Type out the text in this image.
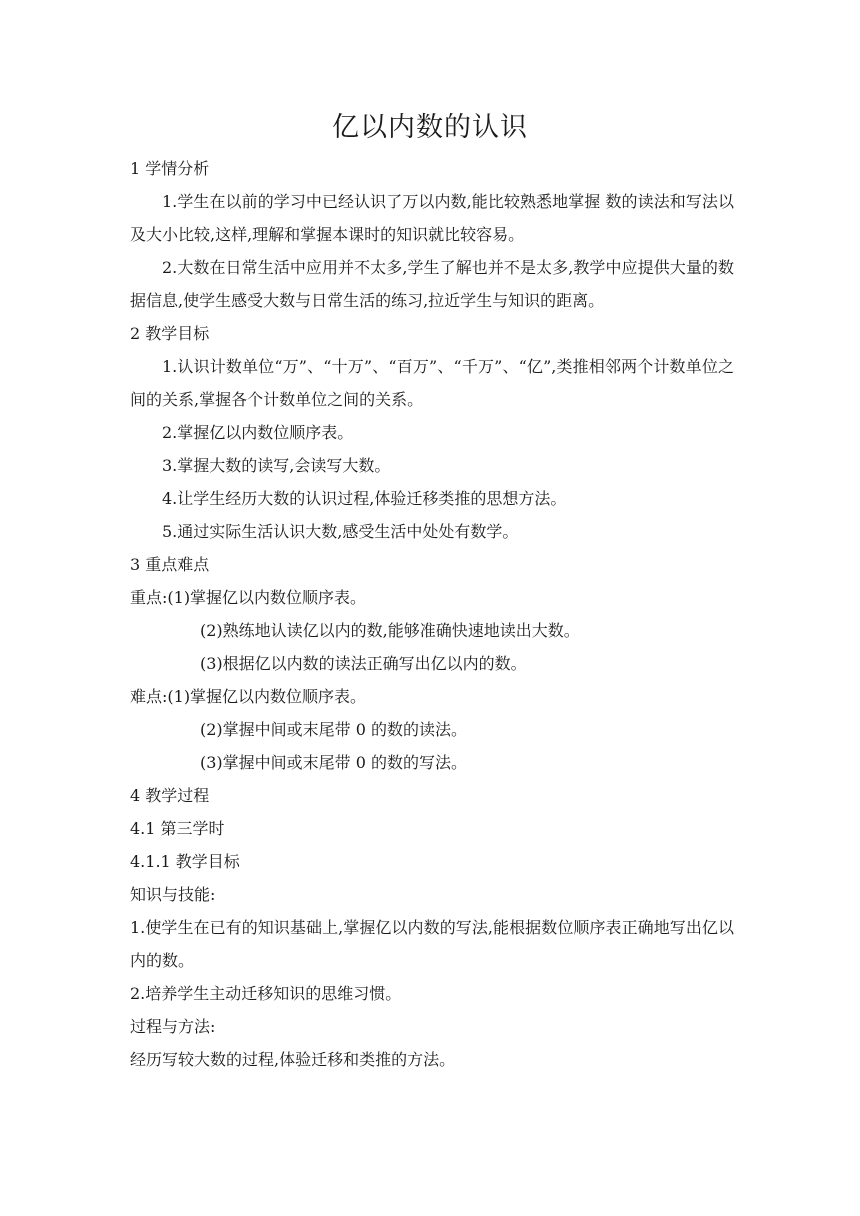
亿以内数的认识

1 学情分析

1.学生在以前的学习中已经认识了万以内数,能比较熟悉地掌握 数的读法和写法以及大小比较,这样,理解和掌握本课时的知识就比较容易。

2.大数在日常生活中应用并不太多,学生了解也并不是太多,教学中应提供大量的数据信息,使学生感受大数与日常生活的练习,拉近学生与知识的距离。

2 教学目标

1.认识计数单位“万”、“十万”、“百万”、“千万”、“亿”,类推相邻两个计数单位之间的关系,掌握各个计数单位之间的关系。

2.掌握亿以内数位顺序表。

3.掌握大数的读写,会读写大数。

4.让学生经历大数的认识过程,体验迁移类推的思想方法。

5.通过实际生活认识大数,感受生活中处处有数学。

3 重点难点

重点:(1)掌握亿以内数位顺序表。

(2)熟练地认读亿以内的数,能够准确快速地读出大数。

(3)根据亿以内数的读法正确写出亿以内的数。

难点:(1)掌握亿以内数位顺序表。

(2)掌握中间或末尾带 0 的数的读法。

(3)掌握中间或末尾带 0 的数的写法。

4 教学过程

4.1 第三学时

4.1.1 教学目标

知识与技能:

1.使学生在已有的知识基础上,掌握亿以内数的写法,能根据数位顺序表正确地写出亿以内的数。

2.培养学生主动迁移知识的思维习惯。

过程与方法:

经历写较大数的过程,体验迁移和类推的方法。
